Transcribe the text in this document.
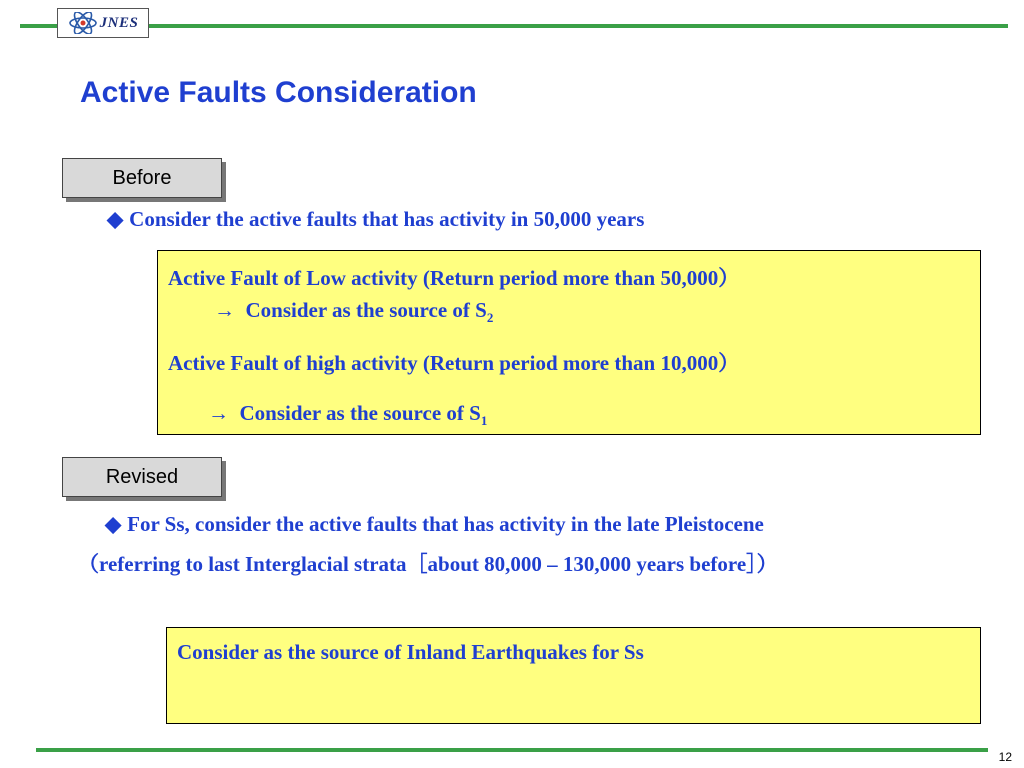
JNES
Active Faults Consideration
Before
◆ Consider the active faults that has activity in 50,000 years
Active Fault of Low activity (Return period more than 50,000）
→ Consider as the source of $S_2$
Active Fault of high activity (Return period more than 10,000）
→ Consider as the source of $S_1$
Revised
◆ For Ss, consider the active faults that has activity in the late Pleistocene
（referring to last Interglacial strata［about 80,000 – 130,000 years before］）
Consider as the source of Inland Earthquakes for Ss
12
